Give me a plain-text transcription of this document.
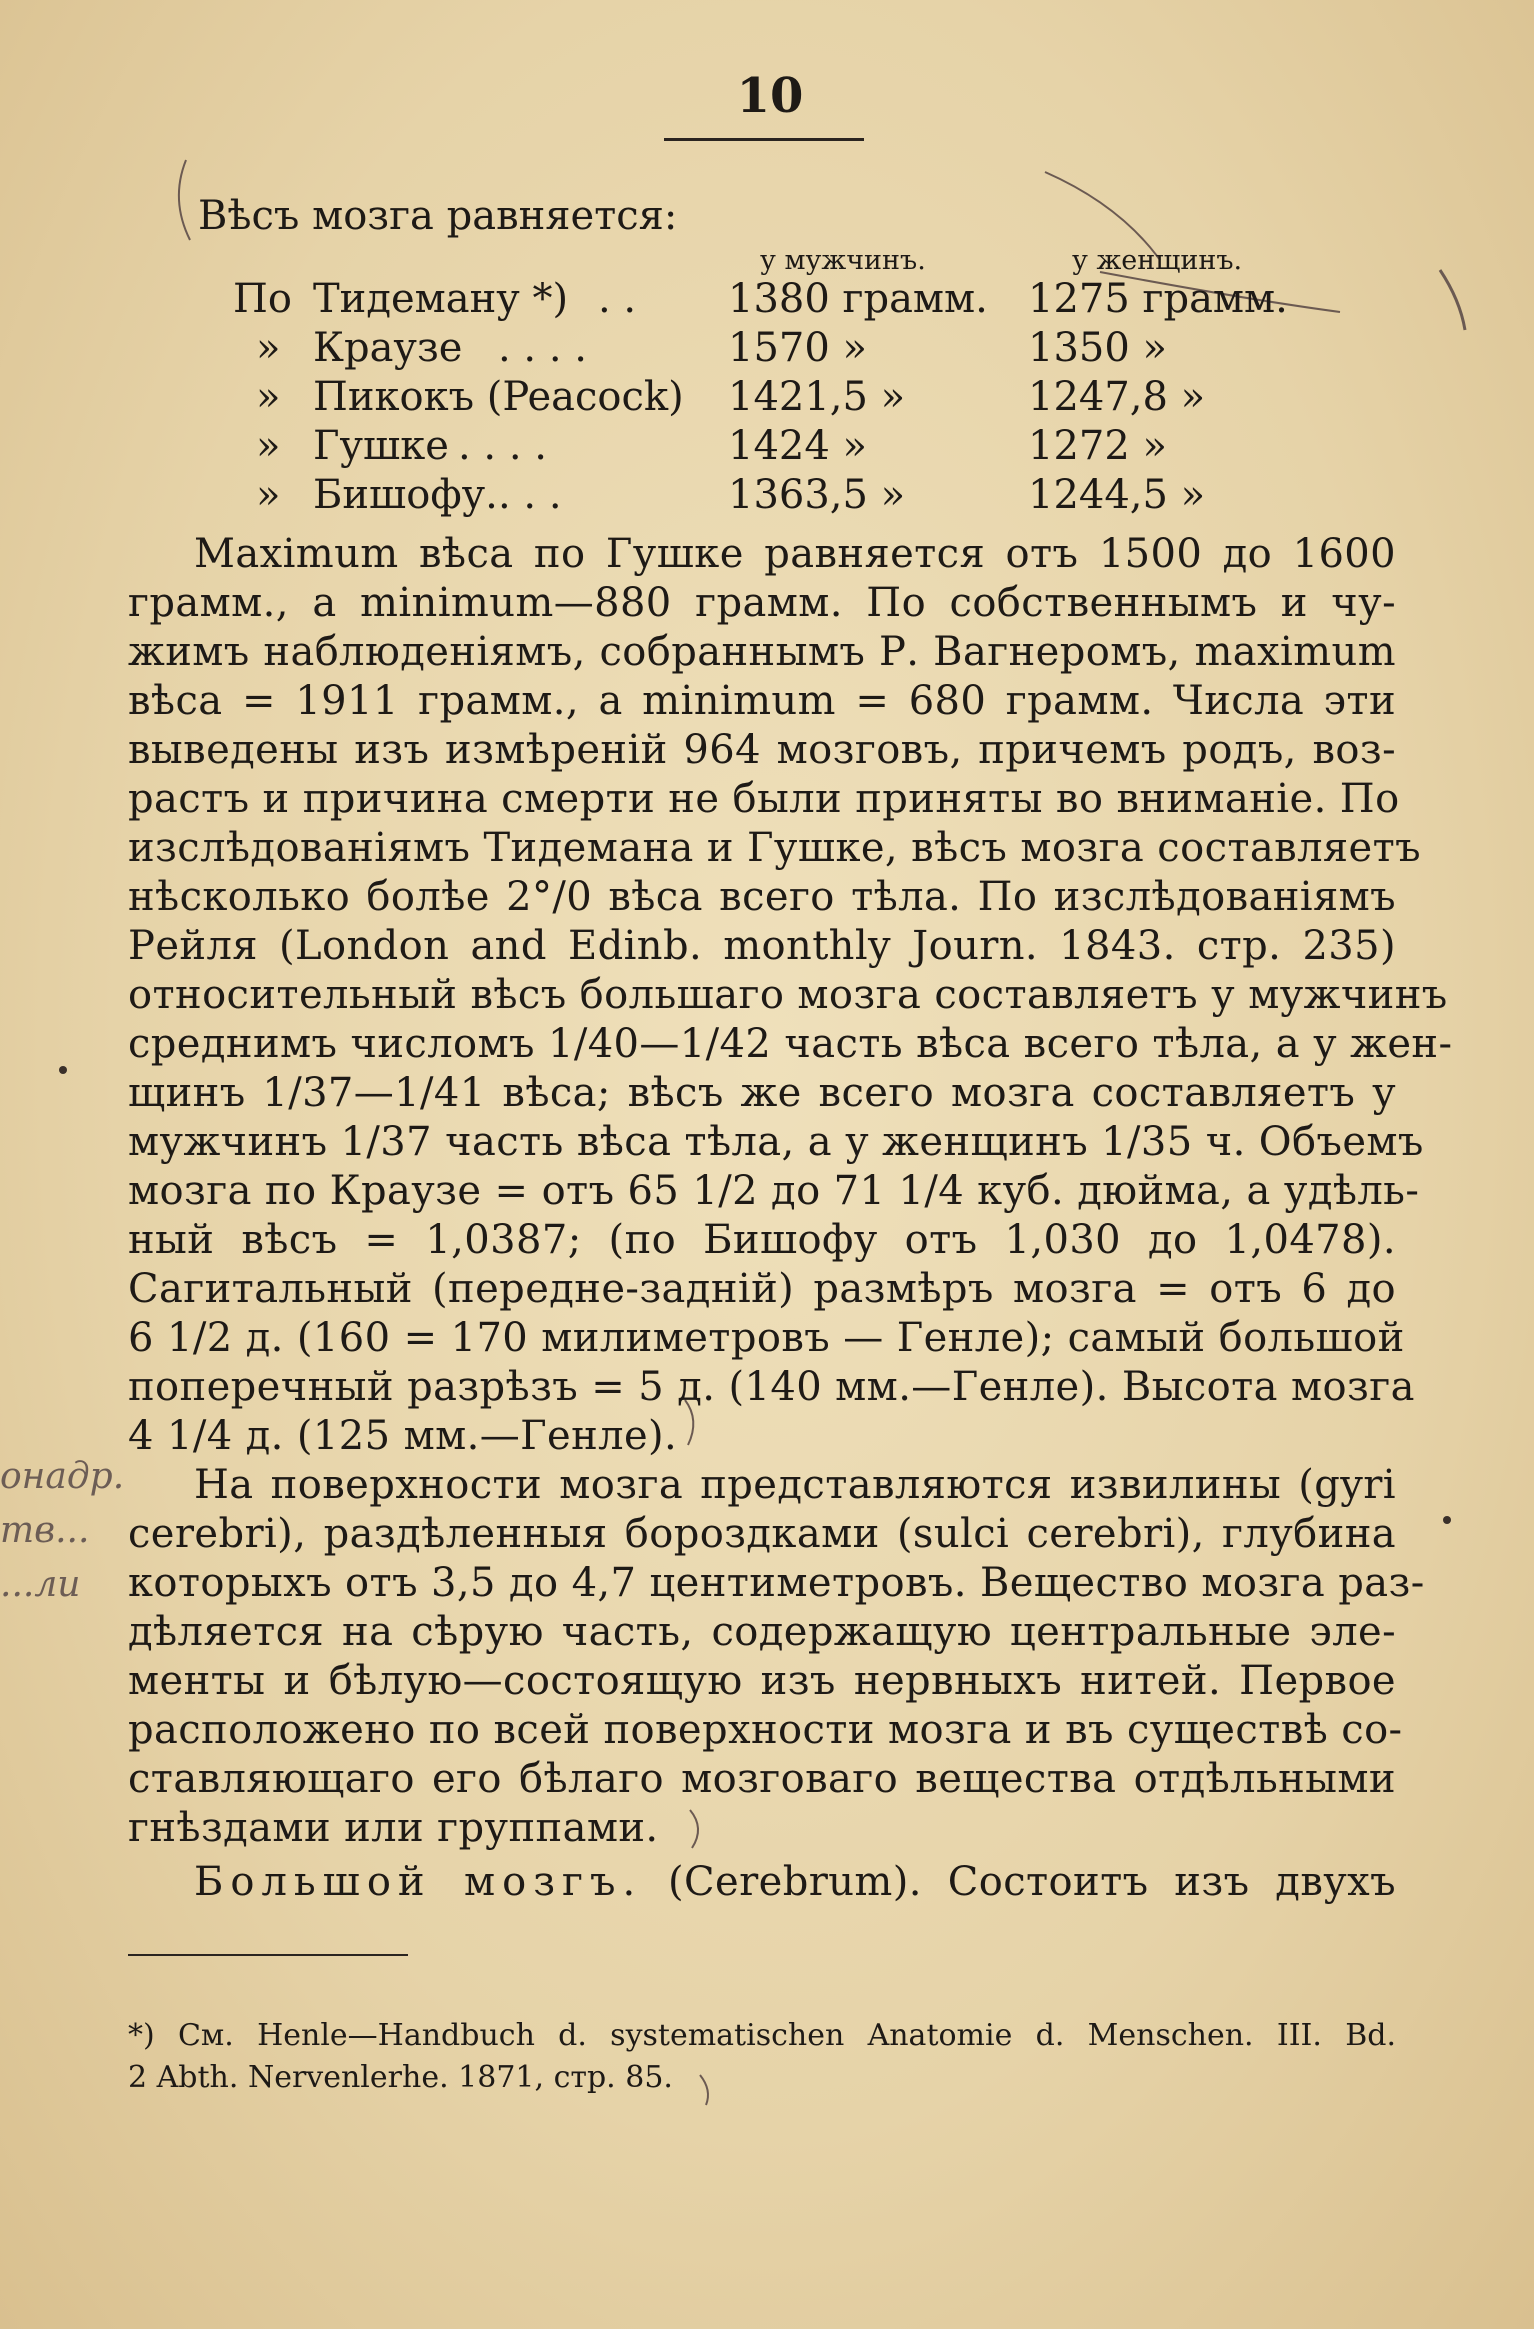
10
онадр.
тв...
...ли
Вѣсъ мозга равняется:
у мужчинъ.	у женщинъ.
По Тидеману *) . . 1380 грамм. 1275 грамм.
» Краузе . . . .	1570 »	1350 »
» Пикокъ (Peacock) 1421,5 »	1247,8 »
» Гушке . . . .	1424 »	1272 »
» Бишофу. . . .	1363,5 »	1244,5 »
Maximum вѣса по Гушке равняется отъ 1500 до 1600
грамм., а minimum—880 грамм. По собственнымъ и чу-
жимъ наблюденіямъ, собраннымъ Р. Вагнеромъ, maximum
вѣса = 1911 грамм., а minimum = 680 грамм. Числа эти
выведены изъ измѣреній 964 мозговъ, причемъ родъ, воз-
растъ и причина смерти не были приняты во вниманіе. По
изслѣдованіямъ Тидемана и Гушке, вѣсъ мозга составляетъ
нѣсколько болѣе 2°/0 вѣса всего тѣла. По изслѣдованіямъ
Рейля (London and Edinb. monthly Journ. 1843. стр. 235)
относительный вѣсъ большаго мозга составляетъ у мужчинъ
среднимъ числомъ 1/40—1/42 часть вѣса всего тѣла, а у жен-
щинъ 1/37—1/41 вѣса; вѣсъ же всего мозга составляетъ у
мужчинъ 1/37 часть вѣса тѣла, а у женщинъ 1/35 ч. Объемъ
мозга по Краузе = отъ 65 1/2 до 71 1/4 куб. дюйма, а удѣль-
ный вѣсъ = 1,0387; (по Бишофу отъ 1,030 до 1,0478).
Сагитальный (передне-задній) размѣръ мозга = отъ 6 до
6 1/2 д. (160 = 170 милиметровъ — Генле); самый большой
поперечный разрѣзъ = 5 д. (140 мм.—Генле). Высота мозга
4 1/4 д. (125 мм.—Генле).
На поверхности мозга представляются извилины (gyri
cerebri), раздѣленныя бороздками (sulci cerebri), глубина
которыхъ отъ 3,5 до 4,7 центиметровъ. Вещество мозга раз-
дѣляется на сѣрую часть, содержащую центральные эле-
менты и бѣлую—состоящую изъ нервныхъ нитей. Первое
расположено по всей поверхности мозга и въ существѣ со-
ставляющаго его бѣлаго мозговаго вещества отдѣльными
гнѣздами или группами.
Большой мозгъ. (Cerebrum). Состоитъ изъ двухъ
*) См. Henle—Handbuch d. systematischen Anatomie d. Menschen. III. Bd.
2 Abth. Nervenlerhe. 1871, стр. 85.
